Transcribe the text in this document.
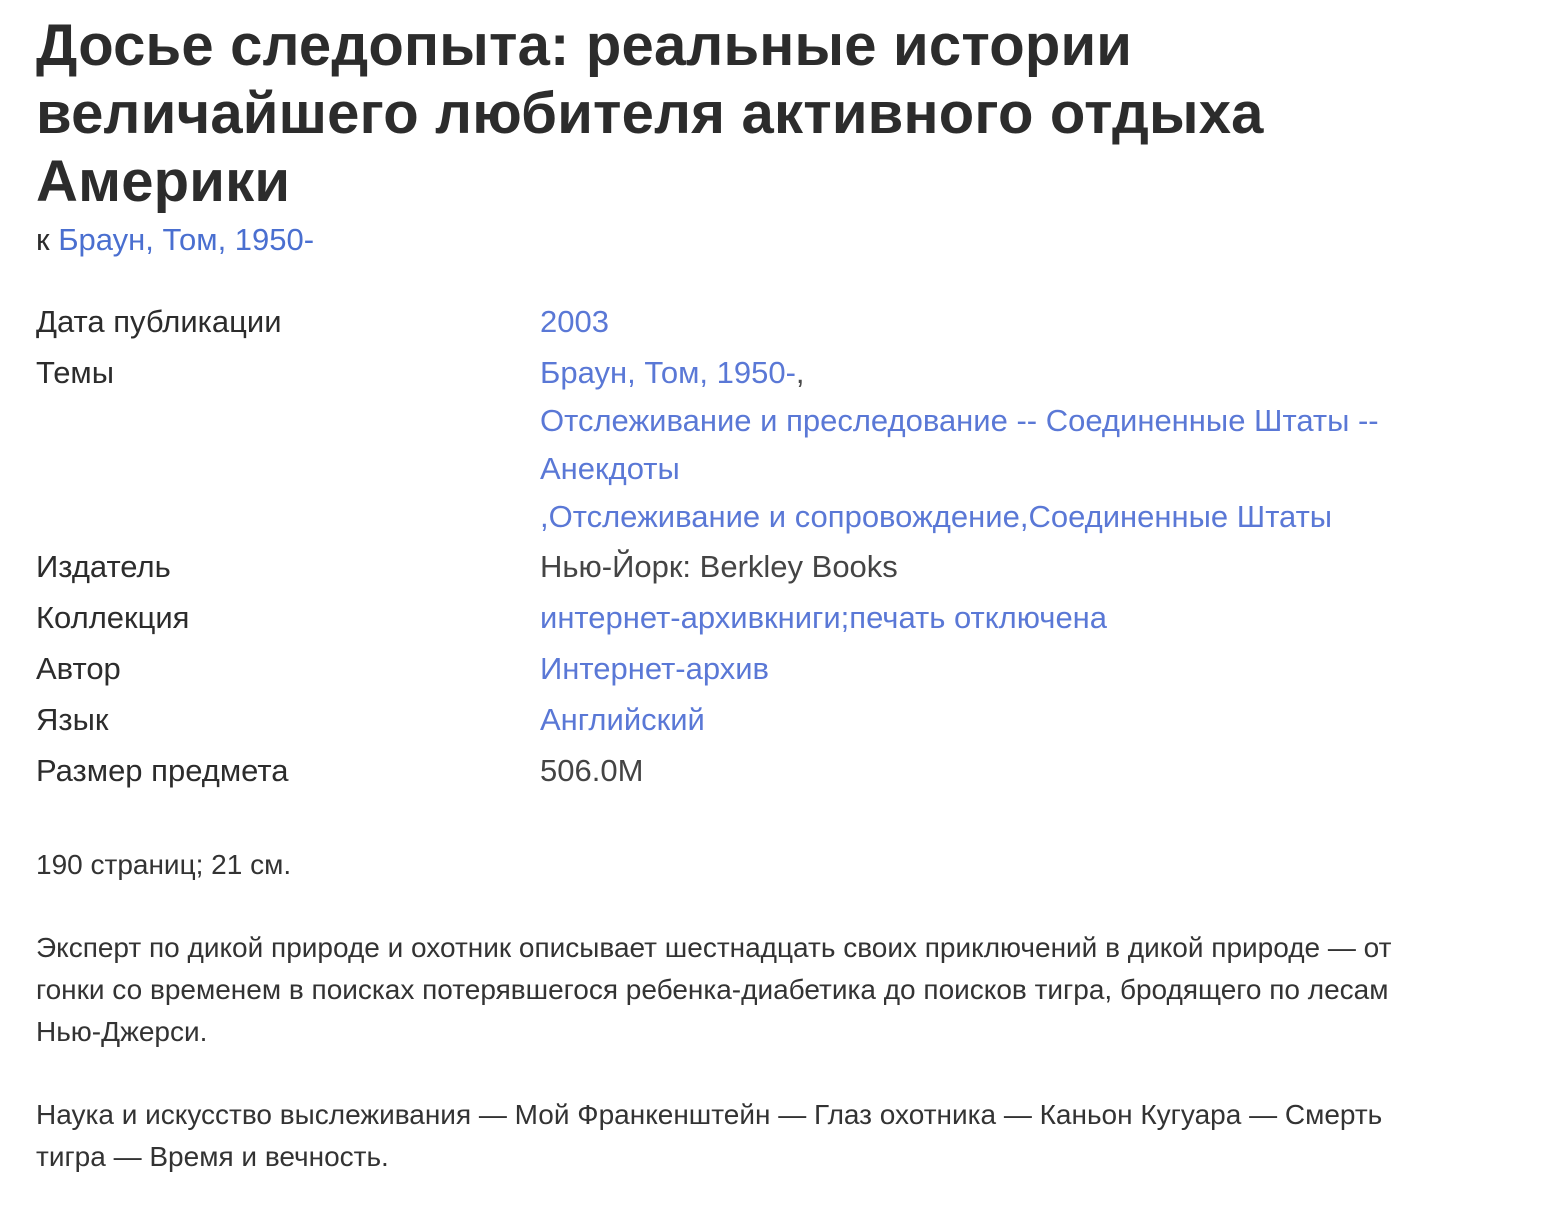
Досье следопыта: реальные истории величайшего любителя активного отдыха Америки
к Браун, Том, 1950-
Дата публикации	2003
Темы	Браун, Том, 1950-,
Отслеживание и преследование -- Соединенные Штаты -- Анекдоты
,Отслеживание и сопровождение,Соединенные Штаты
Издатель	Нью-Йорк: Berkley Books
Коллекция	интернет-архивкниги;печать отключена
Автор	Интернет-архив
Язык	Английский
Размер предмета	506.0M

190 страниц; 21 см.

Эксперт по дикой природе и охотник описывает шестнадцать своих приключений в дикой природе — от гонки со временем в поисках потерявшегося ребенка-диабетика до поисков тигра, бродящего по лесам Нью-Джерси.

Наука и искусство выслеживания — Мой Франкенштейн — Глаз охотника — Каньон Кугуара — Смерть тигра — Время и вечность.
